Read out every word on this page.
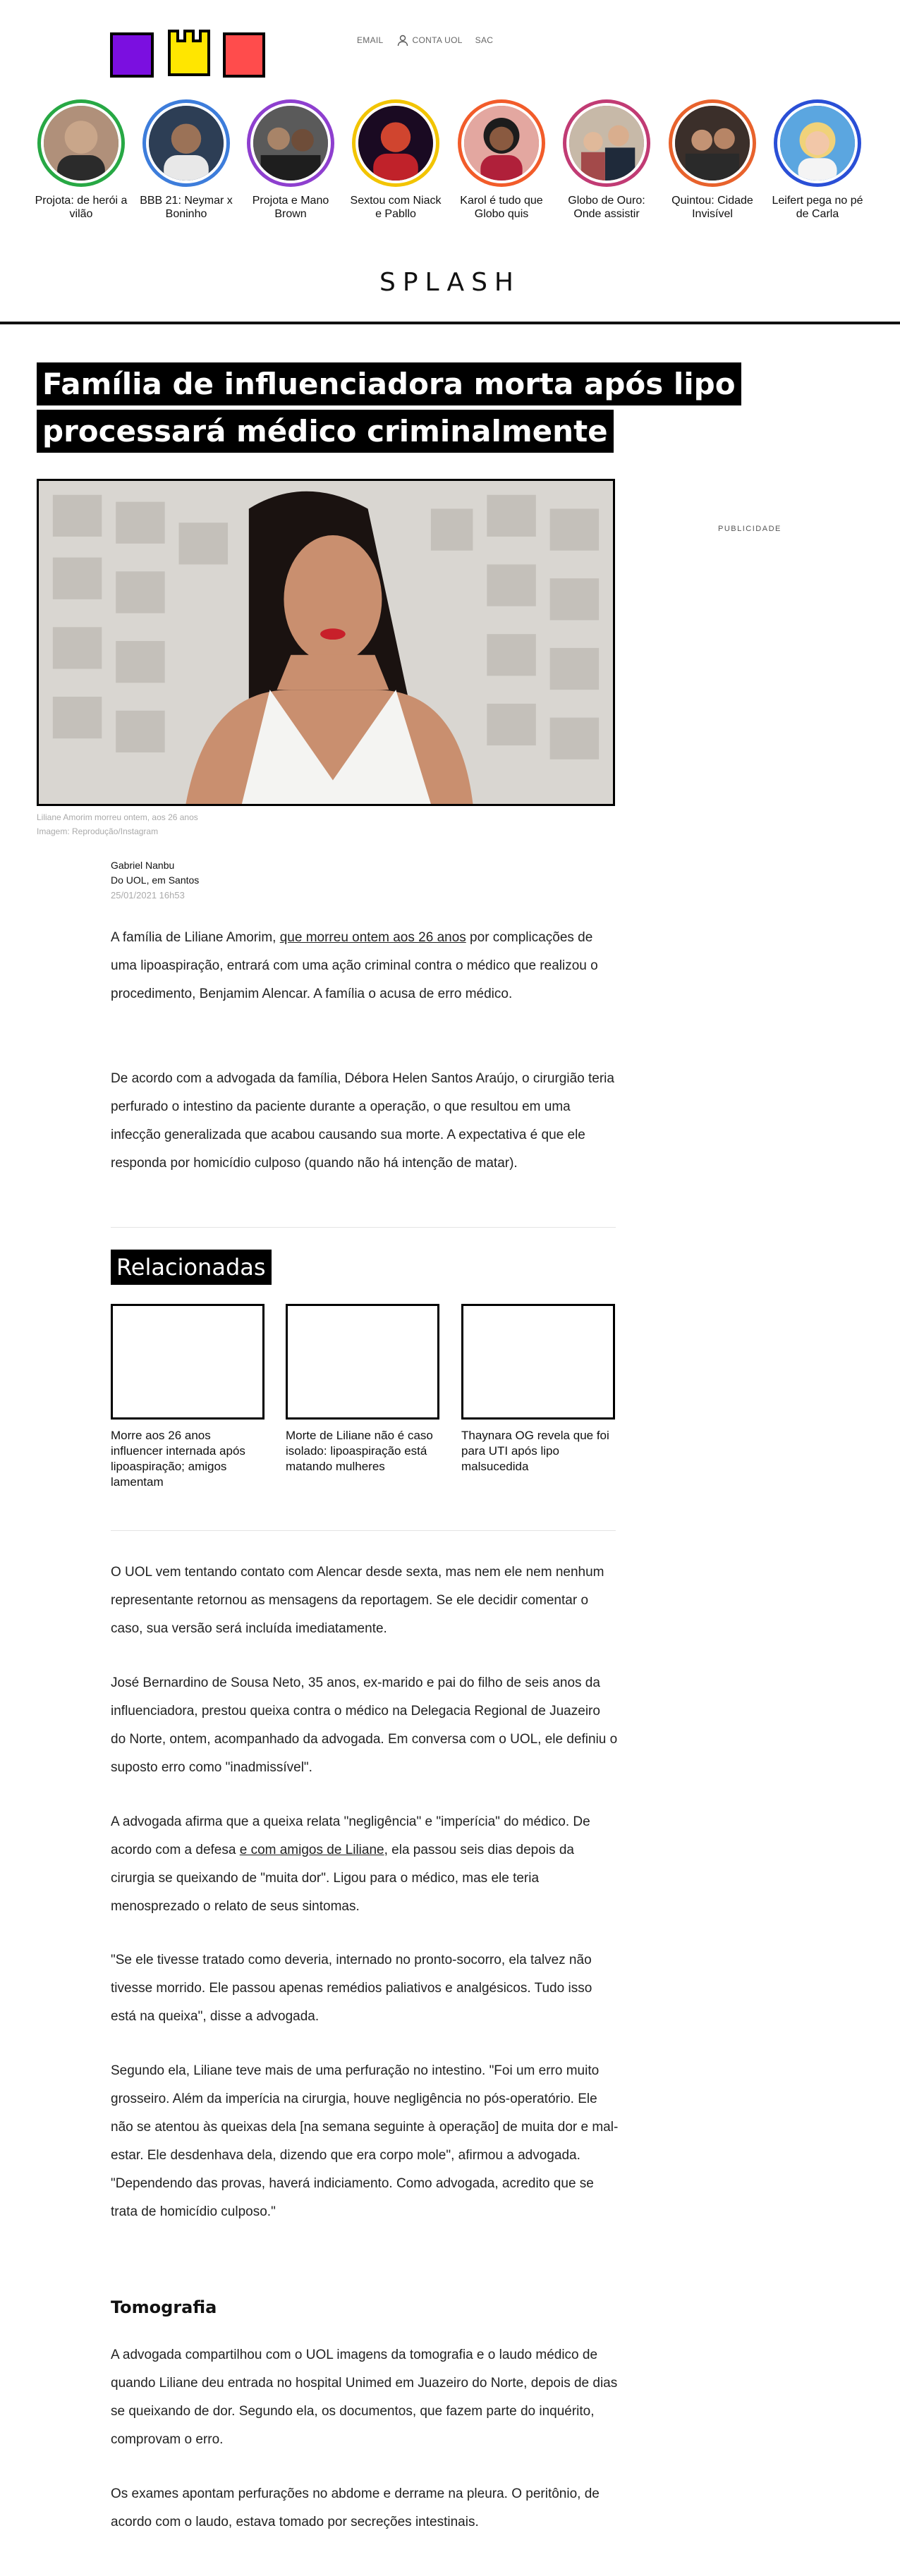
EMAIL	CONTA UOL SAC
Projota: de herói a vilão
BBB 21: Neymar x Boninho
Projota e Mano Brown
Sextou com Niack e Pabllo
Karol é tudo que Globo quis
Globo de Ouro: Onde assistir
Quintou: Cidade Invisível
Leifert pega no pé de Carla
SPLASH
Família de influenciadora morta após lipo processará médico criminalmente
Liliane Amorim morreu ontem, aos 26 anos
Imagem: Reprodução/Instagram
PUBLICIDADE
Gabriel Nanbu
Do UOL, em Santos
25/01/2021 16h53

A família de Liliane Amorim, que morreu ontem aos 26 anos por complicações de uma lipoaspiração, entrará com uma ação criminal contra o médico que realizou o procedimento, Benjamim Alencar. A família o acusa de erro médico.

De acordo com a advogada da família, Débora Helen Santos Araújo, o cirurgião teria perfurado o intestino da paciente durante a operação, o que resultou em uma infecção generalizada que acabou causando sua morte. A expectativa é que ele responda por homicídio culposo (quando não há intenção de matar).

Relacionadas
Morre aos 26 anos influencer internada após lipoaspiração; amigos lamentam
Morte de Liliane não é caso isolado: lipoaspiração está matando mulheres
Thaynara OG revela que foi para UTI após lipo malsucedida

O UOL vem tentando contato com Alencar desde sexta, mas nem ele nem nenhum representante retornou as mensagens da reportagem. Se ele decidir comentar o caso, sua versão será incluída imediatamente.

José Bernardino de Sousa Neto, 35 anos, ex-marido e pai do filho de seis anos da influenciadora, prestou queixa contra o médico na Delegacia Regional de Juazeiro do Norte, ontem, acompanhado da advogada. Em conversa com o UOL, ele definiu o suposto erro como "inadmissível".

A advogada afirma que a queixa relata "negligência" e "imperícia" do médico. De acordo com a defesa e com amigos de Liliane, ela passou seis dias depois da cirurgia se queixando de "muita dor". Ligou para o médico, mas ele teria menosprezado o relato de seus sintomas.

"Se ele tivesse tratado como deveria, internado no pronto-socorro, ela talvez não tivesse morrido. Ele passou apenas remédios paliativos e analgésicos. Tudo isso está na queixa", disse a advogada.

Segundo ela, Liliane teve mais de uma perfuração no intestino. "Foi um erro muito grosseiro. Além da imperícia na cirurgia, houve negligência no pós-operatório. Ele não se atentou às queixas dela [na semana seguinte à operação] de muita dor e mal-estar. Ele desdenhava dela, dizendo que era corpo mole", afirmou a advogada. "Dependendo das provas, haverá indiciamento. Como advogada, acredito que se trata de homicídio culposo."

Tomografia

A advogada compartilhou com o UOL imagens da tomografia e o laudo médico de quando Liliane deu entrada no hospital Unimed em Juazeiro do Norte, depois de dias se queixando de dor. Segundo ela, os documentos, que fazem parte do inquérito, comprovam o erro.

Os exames apontam perfurações no abdome e derrame na pleura. O peritônio, de acordo com o laudo, estava tomado por secreções intestinais.
